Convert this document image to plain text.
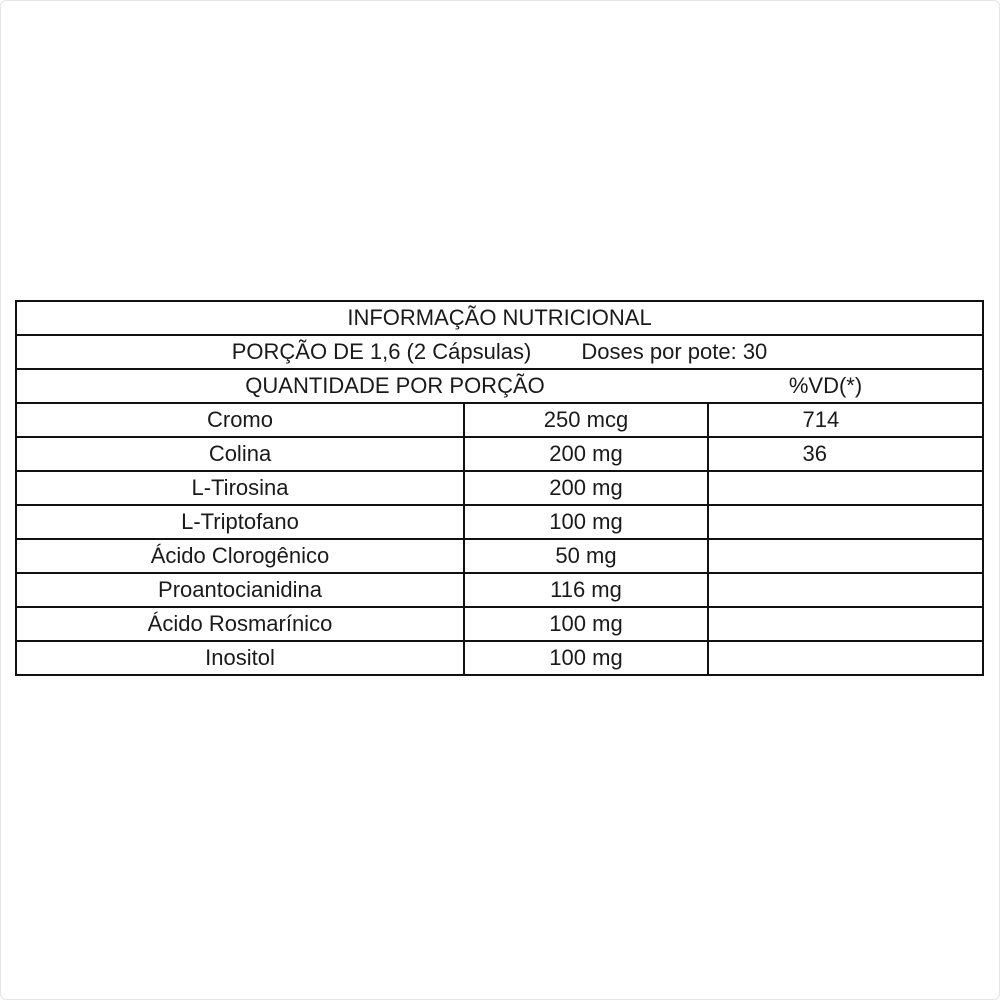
INFORMAÇÃO NUTRICIONAL		
PORÇÃO DE 1,6 (2 Cápsulas) Doses por pote: 30		
QUANTIDADE POR PORÇÃO %VD(*)		

Cromo	250 mcg	714
Colina	200 mg	36
L-Tirosina	200 mg	
L-Triptofano	100 mg	
Ácido Clorogênico	50 mg	
Proantocianidina	116 mg	
Ácido Rosmarínico	100 mg	
Inositol	100 mg	
